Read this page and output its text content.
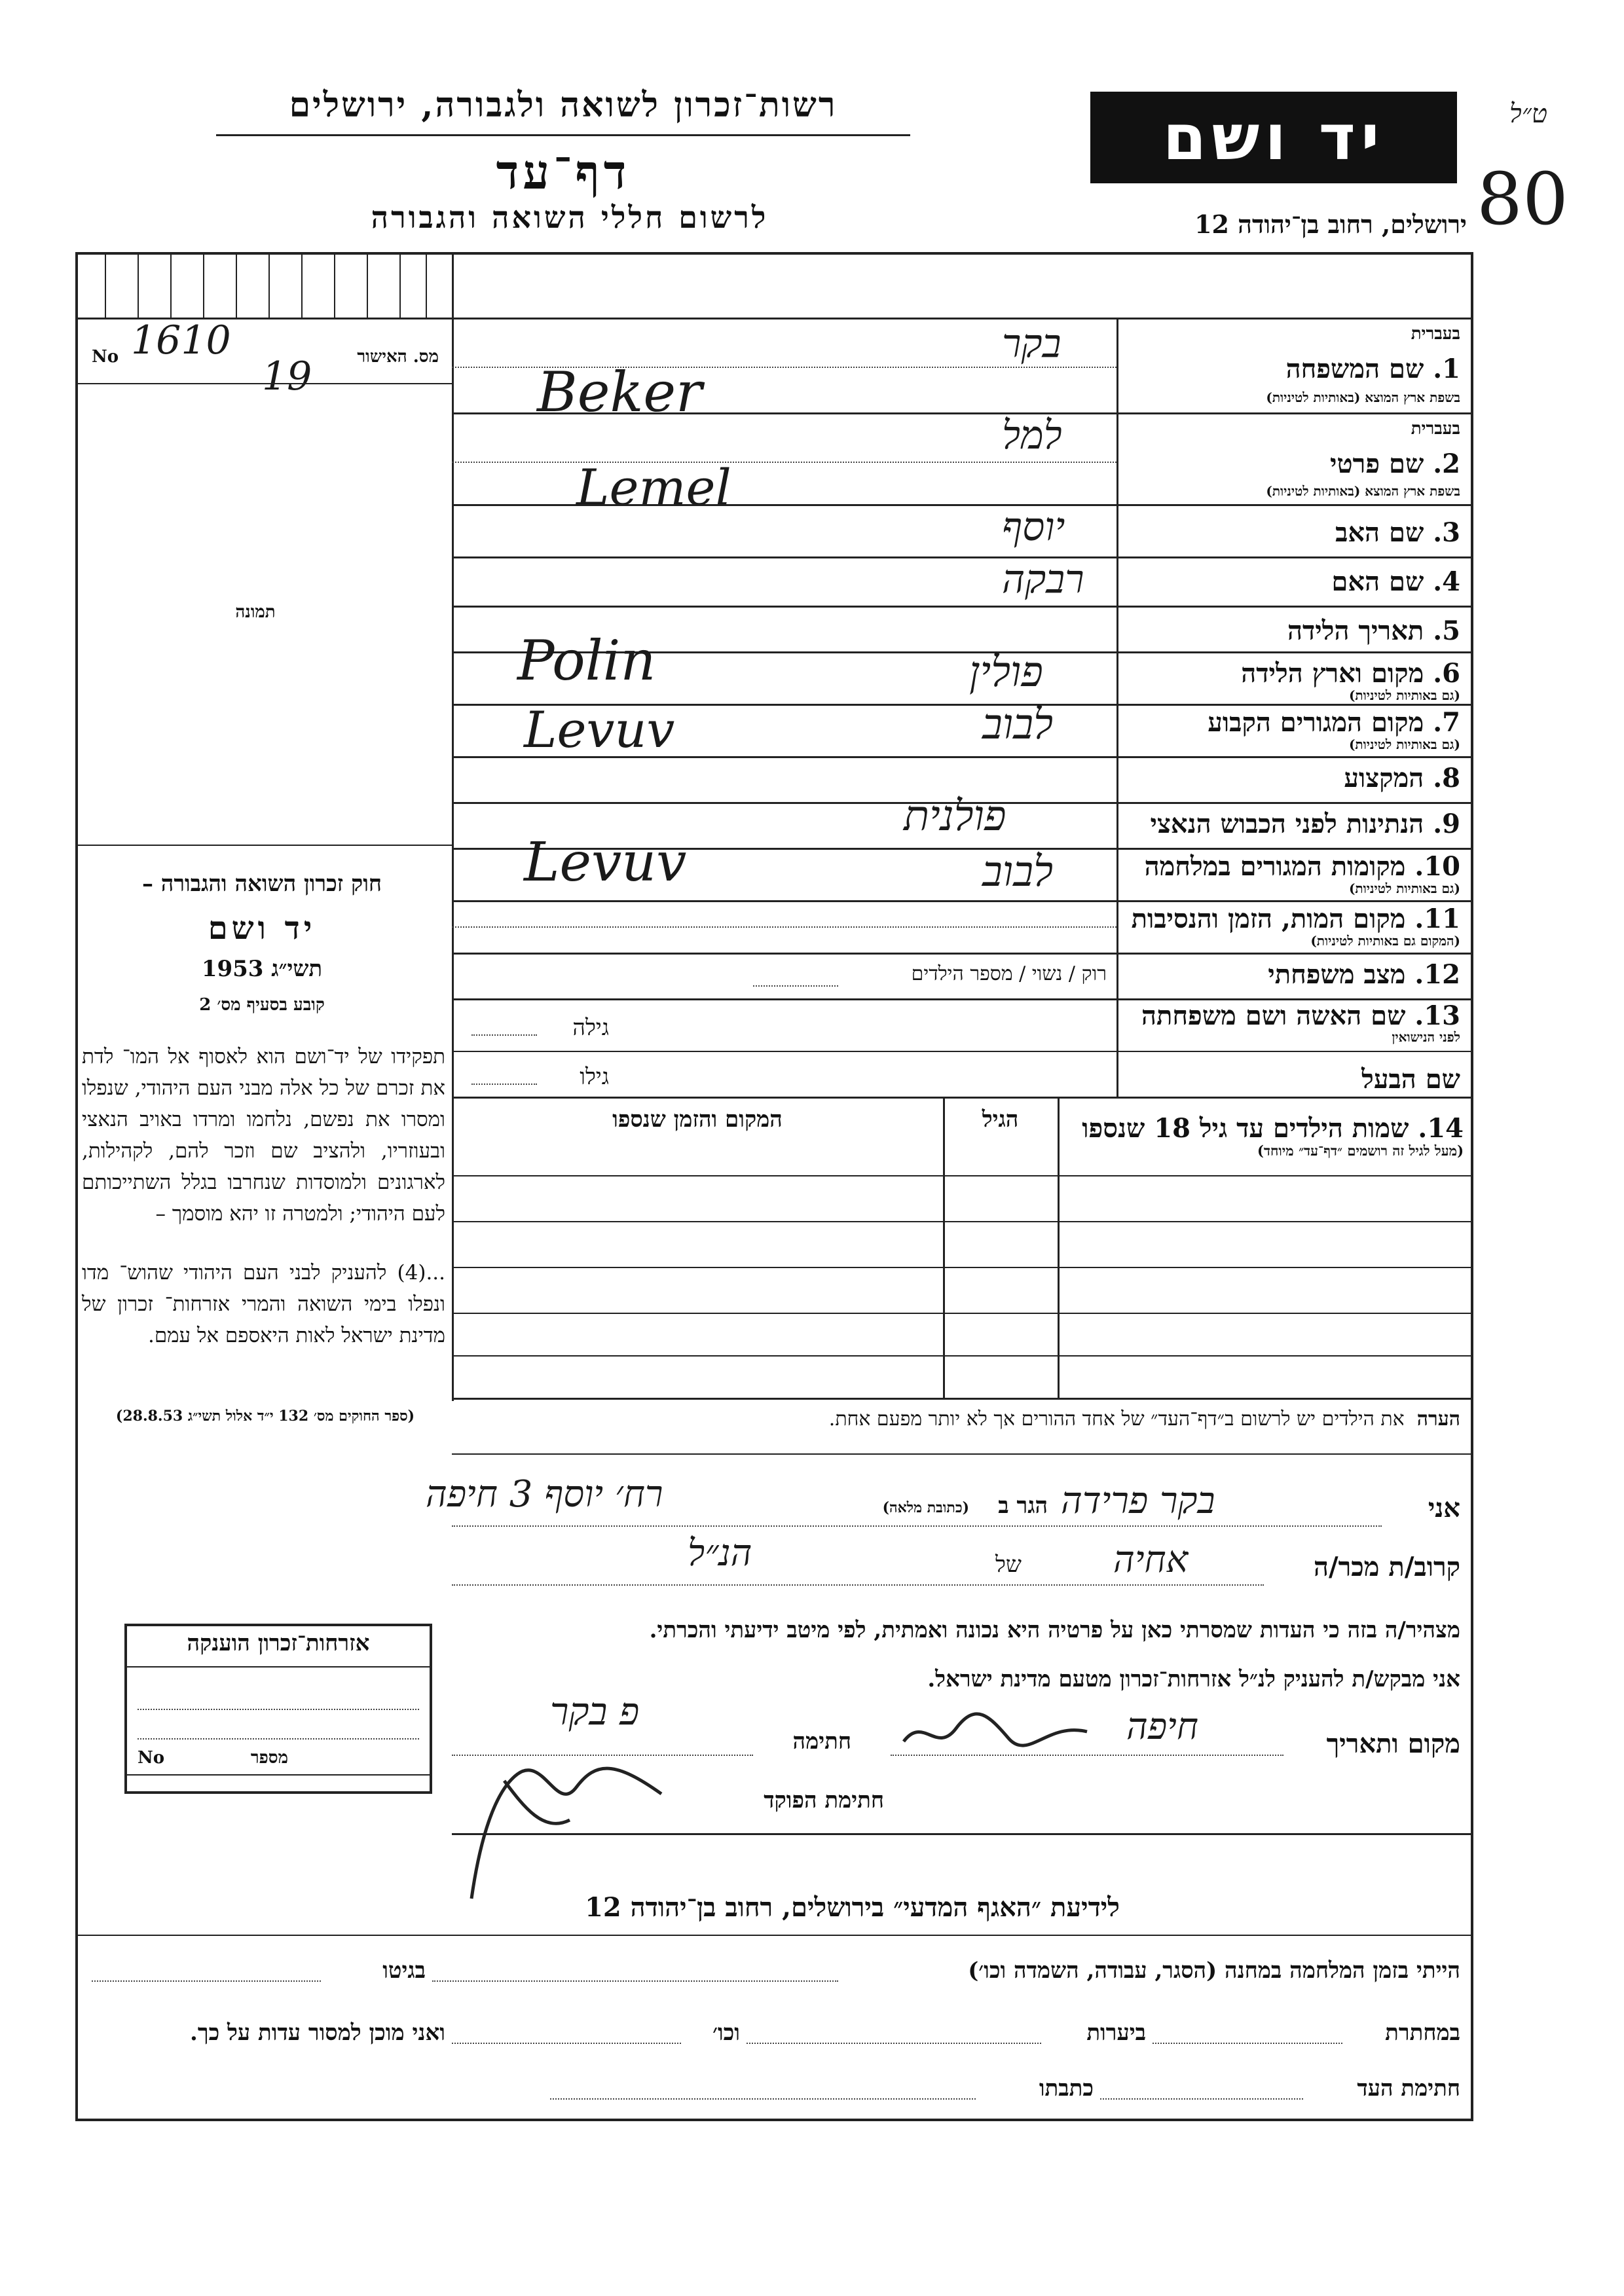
יד ושם	ט״ל
80
רשות־זכרון לשואה ולגבורה, ירושלים
דף־עד
לרשום חללי השואה והגבורה	ירושלים, רחוב בן־יהודה 12
No 1610
19	מס. האישור
תמונה
חוק זכרון השואה והגבורה –
יד ושם
תשי״ג 1953
קובע בסעיף מס׳ 2
תפקידו של יד־ושם הוא לאסוף אל המו־ לדת את זכרם של כל אלה מבני העם היהודי, שנפלו ומסרו את נפשם, נלחמו ומרדו באויב הנאצי ובעוזריו, ולהציב שם וזכר להם, לקהילות, לארגונים ולמוסדות שנחרבו בגלל השתייכותם לעם היהודי; ולמטרה זו יהא מוסמך –
...(4) להעניק לבני העם היהודי שהוש־ מדו ונפלו בימי השואה והמרי אזרחות־ זכרון של מדינת ישראל לאות היאספם אל עמם.
(ספר החוקים מס׳ 132 י״ד אלול תשי״ג 28.8.53)
בעברית
1. שם המשפחה
בשפת ארץ המוצא (באותיות לטיניות)
בקר
Beker
בעברית
2. שם פרטי
בשפת ארץ המוצא (באותיות לטיניות)
למל
Lemel
3. שם האב
יוסף
4. שם האם
רבקה
5. תאריך הלידה
6. מקום וארץ הלידה
(גם באותיות לטיניות)
פולין
Polin
7. מקום המגורים הקבוע
(גם באותיות לטיניות)
לבוב
Levuv
8. המקצוע
9. הנתינות לפני הכבוש הנאצי
פולנית
10. מקומות המגורים במלחמה
(גם באותיות לטיניות)
לבוב
Levuv
11. מקום המות, הזמן והנסיבות
(המקום גם באותיות לטיניות)
12. מצב משפחתי
רוק / נשוי / מספר הילדים
13. שם האשה ושם משפחתה
לפני הנישואין
גילה
שם הבעל
גילו
14. שמות הילדים עד גיל 18 שנספו
(מעל לגיל זה רושמים ״דף־עד״ מיוחד)
הגיל
המקום והזמן שנספו
הערה  את הילדים יש לרשום ב״דף־העד״ של אחד ההורים אך לא יותר מפעם אחת.
אני
בקר פרידה
הגר ב
(כתובת מלאה)
רח׳ יוסף 3 חיפה
קרוב/ת מכר/ה
אחיה
של
הנ״ל
מצהיר/ה בזה כי העדות שמסרתי כאן על פרטיה היא נכונה ואמתית, לפי מיטב ידיעתי והכרתי.
אני מבקש/ת להעניק לנ״ל אזרחות־זכרון מטעם מדינת ישראל.
מקום ותאריך
חיפה
חתימה
פ בקר
חתימת הפוקד
אזרחות־זכרון הוענקה
מספר
No
לידיעת ״האגף המדעי״ בירושלים, רחוב בן־יהודה 12
הייתי בזמן המלחמה במחנה (הסגר, עבודה, השמדה וכו׳)
בגיטו
במחתרת
ביערות
וכו׳
ואני מוכן למסור עדות על כך.
חתימת העד
כתבתו
